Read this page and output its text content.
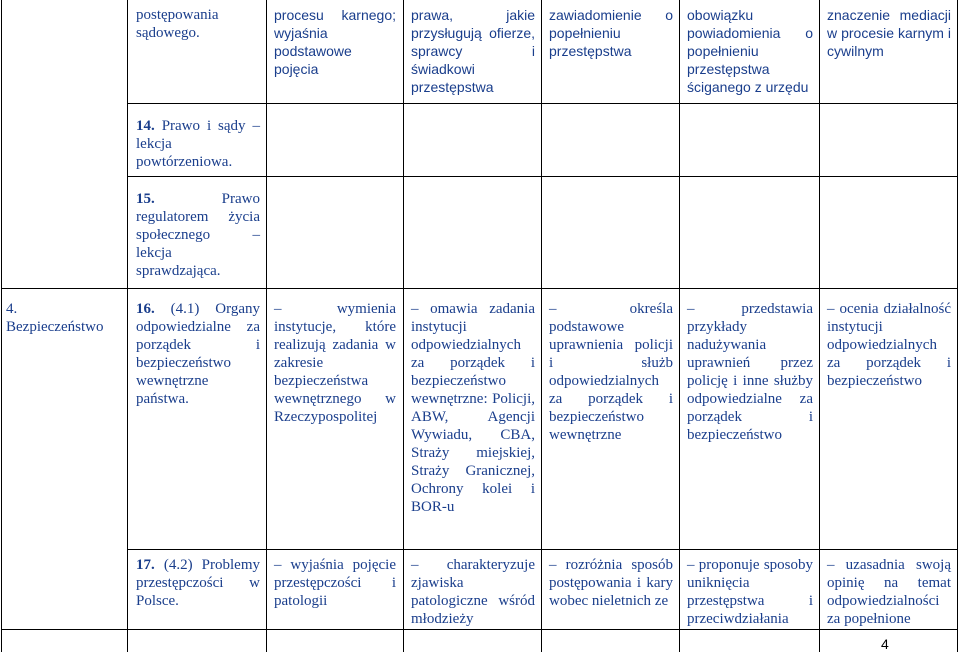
postępowania sądowego.
procesu karnego; wyjaśnia podstawowe pojęcia
prawa, jakie przysługują ofierze, sprawcy i świadkowi przestępstwa
zawiadomienie o popełnieniu przestępstwa
obowiązku powiadomienia o popełnieniu przestępstwa ściganego z urzędu
znaczenie mediacji w procesie karnym i cywilnym
14. Prawo i sądy – lekcja powtórzeniowa.
15.	Prawo regulatorem życia społecznego – lekcja sprawdzająca.
4.
Bezpieczeństwo
16. (4.1) Organy odpowiedzialne za porządek i bezpieczeństwo wewnętrzne państwa.
– wymienia instytucje, które realizują zadania w zakresie bezpieczeństwa wewnętrznego w Rzeczypospolitej
– omawia zadania instytucji odpowiedzialnych za porządek i bezpieczeństwo wewnętrzne: Policji, ABW, Agencji Wywiadu, CBA, Straży miejskiej, Straży Granicznej, Ochrony kolei i BOR-u
– określa podstawowe uprawnienia policji i służb odpowiedzialnych za porządek i bezpieczeństwo wewnętrzne
– przedstawia przykłady nadużywania uprawnień przez policję i inne służby odpowiedzialne za porządek i bezpieczeństwo
– ocenia działalność instytucji odpowiedzialnych za porządek i bezpieczeństwo
17. (4.2) Problemy przestępczości w Polsce.
– wyjaśnia pojęcie przestępczości i patologii
– charakteryzuje zjawiska patologiczne wśród młodzieży
– rozróżnia sposób postępowania i kary wobec nieletnich ze
– proponuje sposoby uniknięcia przestępstwa i przeciwdziałania
– uzasadnia swoją opinię na temat odpowiedzialności za popełnione
4
